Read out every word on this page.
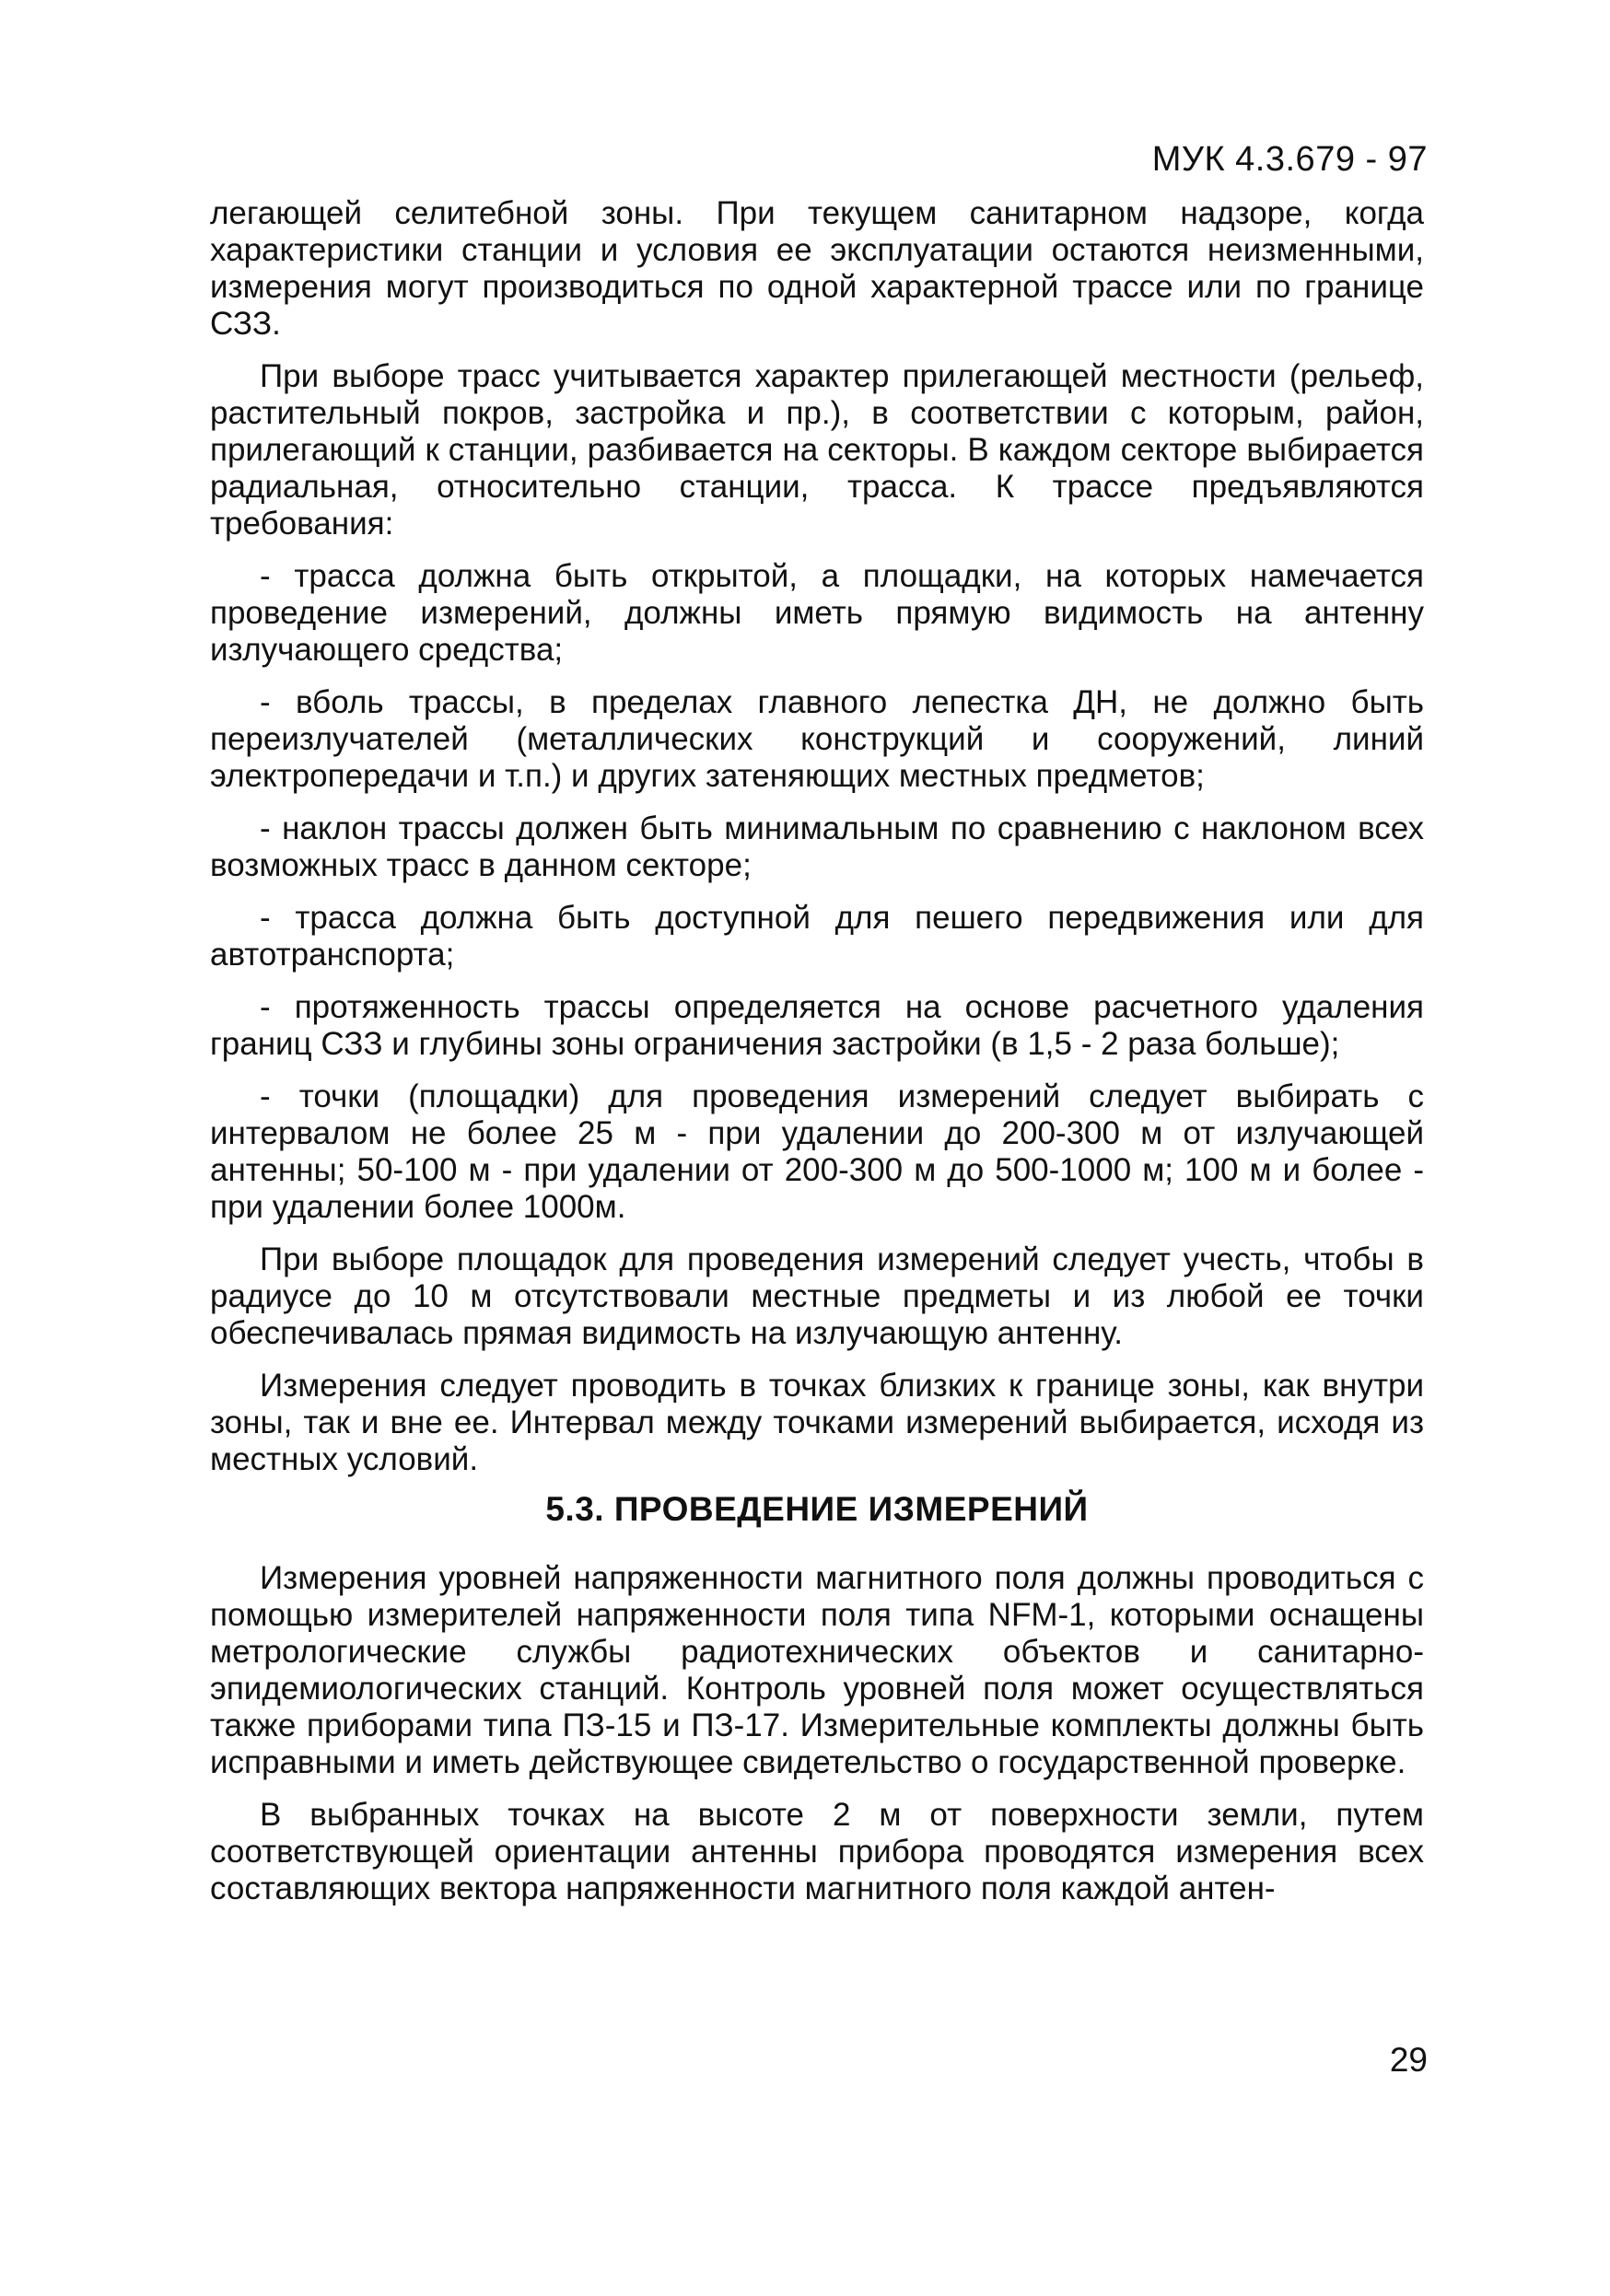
МУК 4.3.679 - 97

легающей селитебной зоны. При текущем санитарном надзоре, когда характеристики станции и условия ее эксплуатации остаются неизменными, измерения могут производиться по одной характерной трассе или по границе СЗЗ.

При выборе трасс учитывается характер прилегающей местности (рельеф, растительный покров, застройка и пр.), в соответствии с которым, район, прилегающий к станции, разбивается на секторы. В каждом секторе выбирается радиальная, относительно станции, трасса. К трассе предъявляются требования:

- трасса должна быть открытой, а площадки, на которых намечается проведение измерений, должны иметь прямую видимость на антенну излучающего средства;

- вболь трассы, в пределах главного лепестка ДН, не должно быть переизлучателей (металлических конструкций и сооружений, линий электропередачи и т.п.) и других затеняющих местных предметов;

- наклон трассы должен быть минимальным по сравнению с наклоном всех возможных трасс в данном секторе;

- трасса должна быть доступной для пешего передвижения или для автотранспорта;

- протяженность трассы определяется на основе расчетного удаления границ СЗЗ и глубины зоны ограничения застройки (в 1,5 - 2 раза больше);

- точки (площадки) для проведения измерений следует выбирать с интервалом не более 25 м - при удалении до 200-300 м от излучающей антенны; 50-100 м - при удалении от 200-300 м до 500-1000 м; 100 м и более - при удалении более 1000м.

При выборе площадок для проведения измерений следует учесть, чтобы в радиусе до 10 м отсутствовали местные предметы и из любой ее точки обеспечивалась прямая видимость на излучающую антенну.

Измерения следует проводить в точках близких к границе зоны, как внутри зоны, так и вне ее. Интервал между точками измерений выбирается, исходя из местных условий.

5.3. ПРОВЕДЕНИЕ ИЗМЕРЕНИЙ

Измерения уровней напряженности магнитного поля должны проводиться с помощью измерителей напряженности поля типа NFM-1, которыми оснащены метрологические службы радиотехнических объектов и санитарно-эпидемиологических станций. Контроль уровней поля может осуществляться также приборами типа ПЗ-15 и ПЗ-17. Измерительные комплекты должны быть исправными и иметь действующее свидетельство о государственной проверке.

В выбранных точках на высоте 2 м от поверхности земли, путем соответствующей ориентации антенны прибора проводятся измерения всех составляющих вектора напряженности магнитного поля каждой антен-

29
